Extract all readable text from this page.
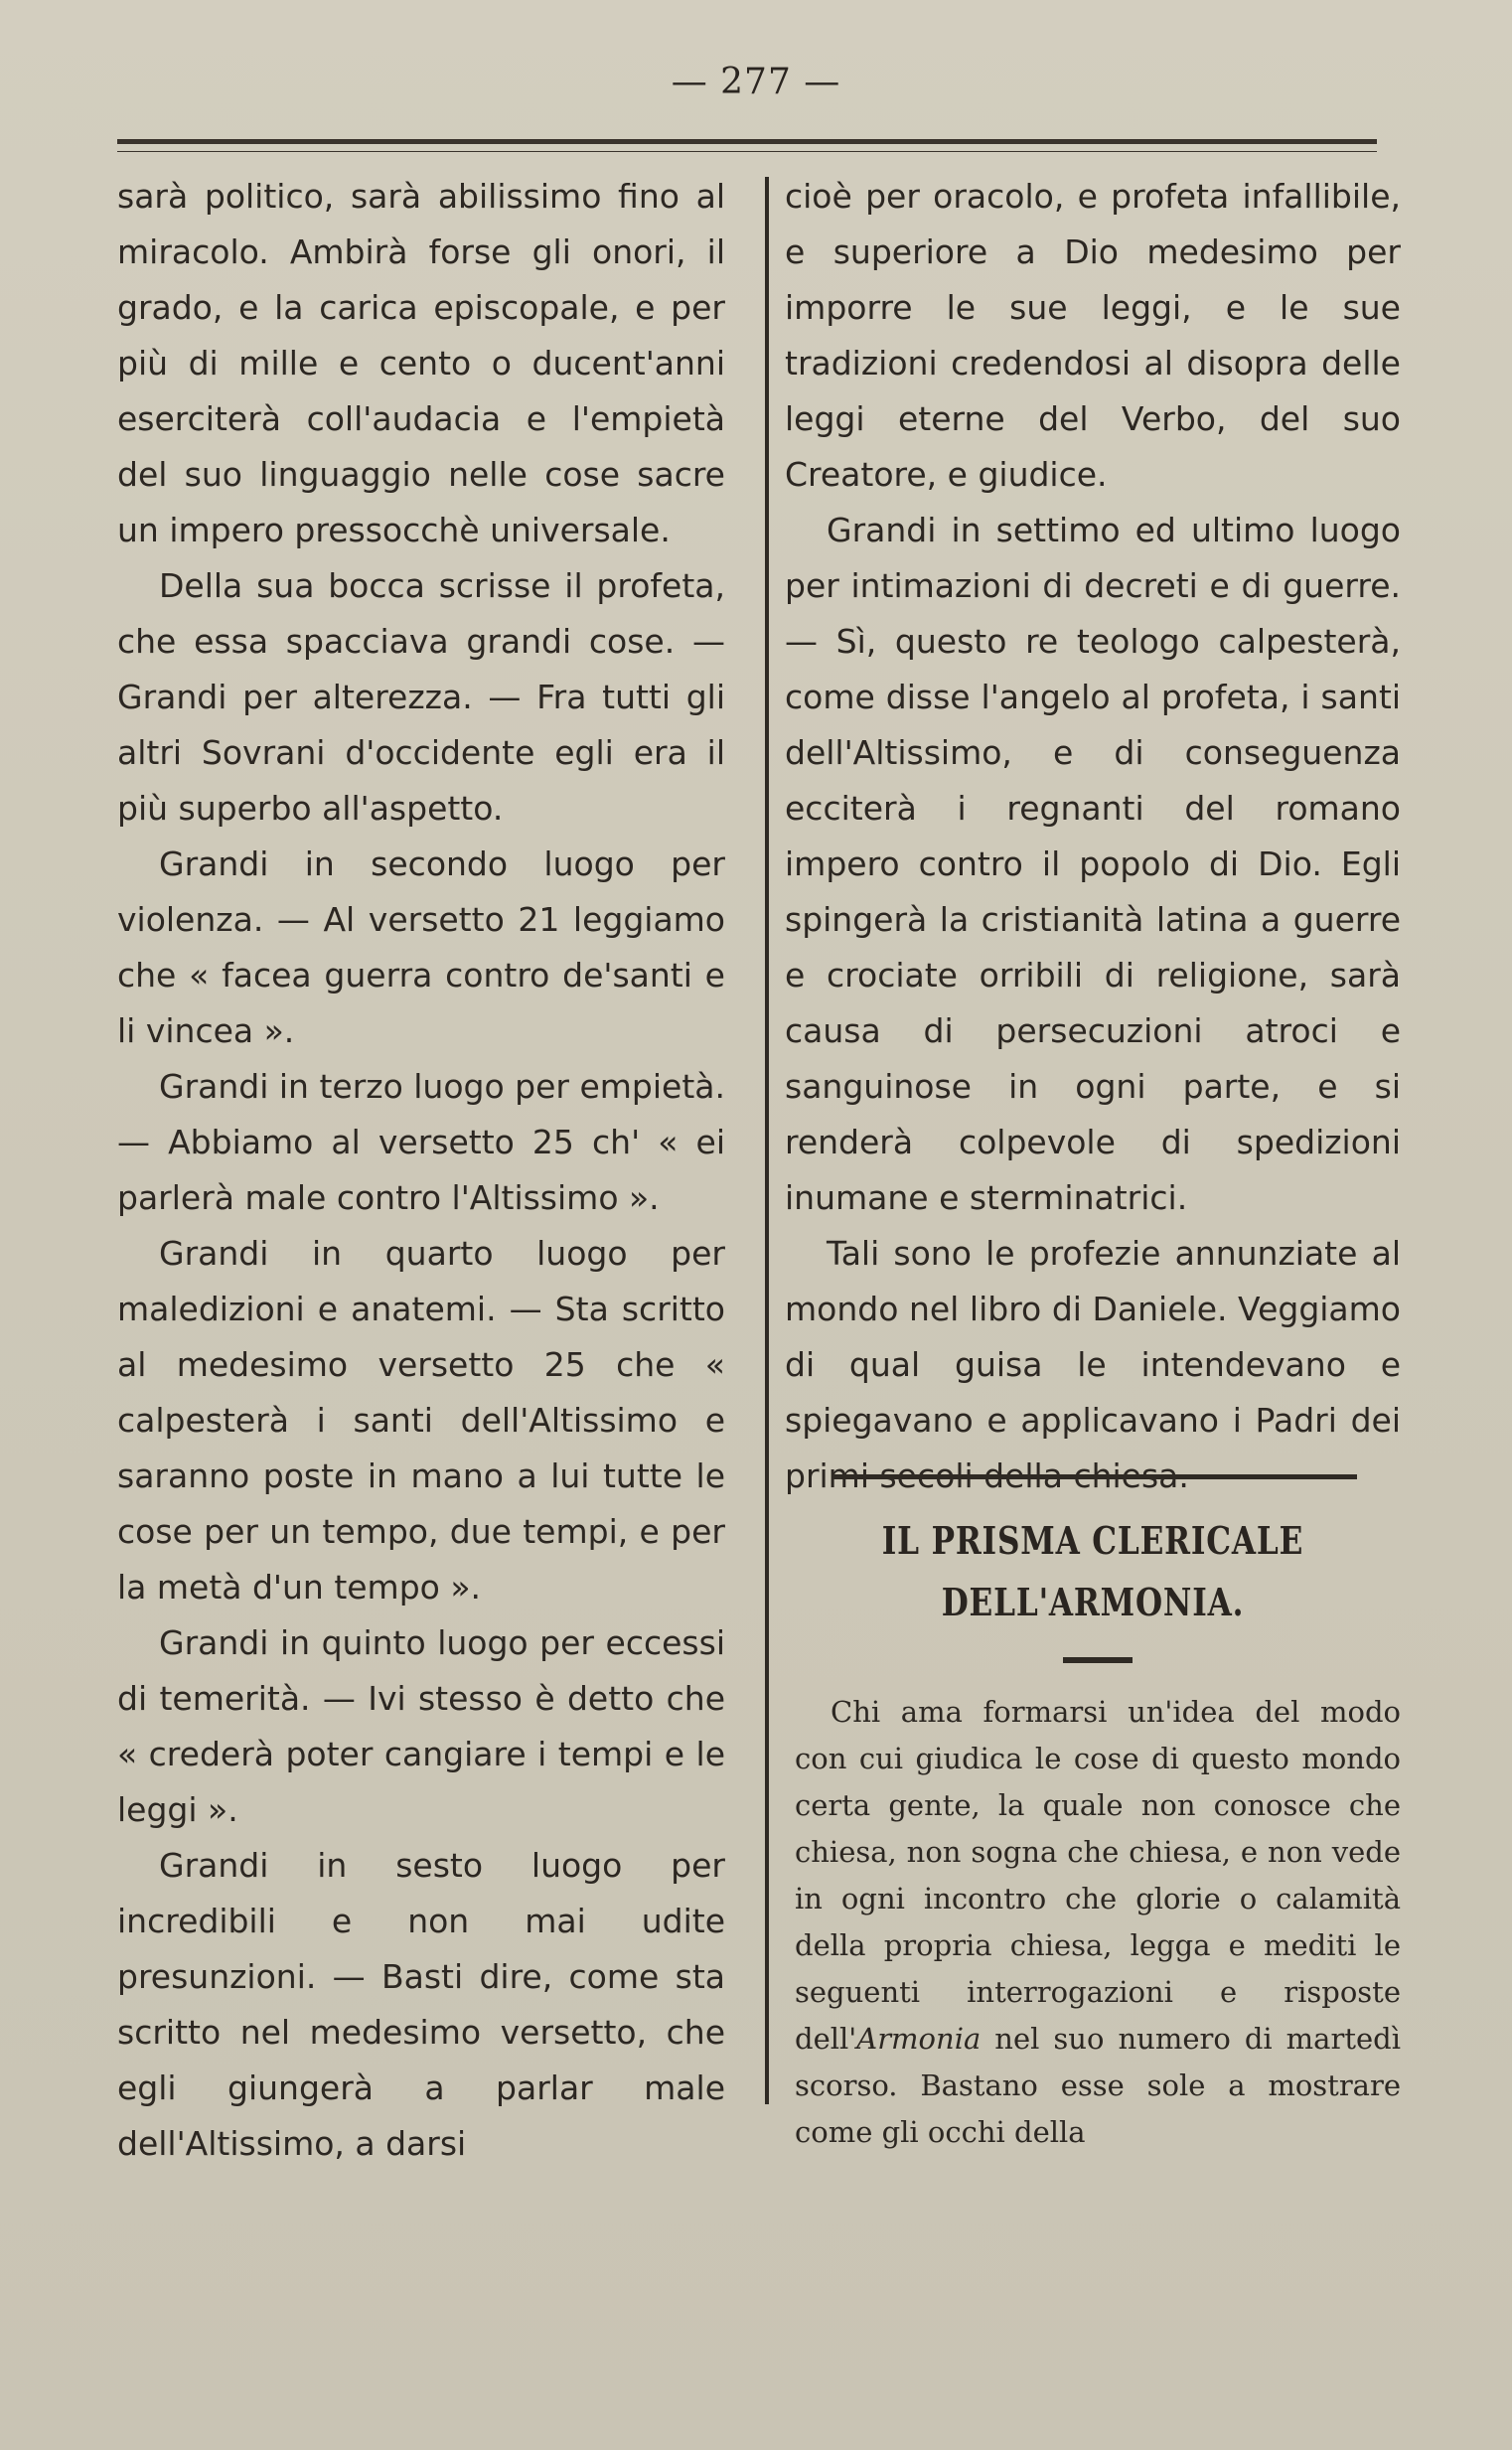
— 277 —

sarà politico, sarà abilissimo fino al miracolo. Ambirà forse gli onori, il grado, e la carica episcopale, e per più di mille e cento o ducent'anni eserciterà coll'audacia e l'empietà del suo linguaggio nelle cose sacre un impero pressocchè universale.

Della sua bocca scrisse il profeta, che essa spacciava grandi cose. — Grandi per alterezza. — Fra tutti gli altri Sovrani d'occidente egli era il più superbo all'aspetto.

Grandi in secondo luogo per violenza. — Al versetto 21 leggiamo che « facea guerra contro de'santi e li vincea ».

Grandi in terzo luogo per empietà. — Abbiamo al versetto 25 ch' « ei parlerà male contro l'Altissimo ».

Grandi in quarto luogo per maledizioni e anatemi. — Sta scritto al medesimo versetto 25 che « calpesterà i santi dell'Altissimo e saranno poste in mano a lui tutte le cose per un tempo, due tempi, e per la metà d'un tempo ».

Grandi in quinto luogo per eccessi di temerità. — Ivi stesso è detto che « crederà poter cangiare i tempi e le leggi ».

Grandi in sesto luogo per incredibili e non mai udite presunzioni. — Basti dire, come sta scritto nel medesimo versetto, che egli giungerà a parlar male dell'Altissimo, a darsi

cioè per oracolo, e profeta infallibile, e superiore a Dio medesimo per imporre le sue leggi, e le sue tradizioni credendosi al disopra delle leggi eterne del Verbo, del suo Creatore, e giudice.

Grandi in settimo ed ultimo luogo per intimazioni di decreti e di guerre. — Sì, questo re teologo calpesterà, come disse l'angelo al profeta, i santi dell'Altissimo, e di conseguenza ecciterà i regnanti del romano impero contro il popolo di Dio. Egli spingerà la cristianità latina a guerre e crociate orribili di religione, sarà causa di persecuzioni atroci e sanguinose in ogni parte, e si renderà colpevole di spedizioni inumane e sterminatrici.

Tali sono le profezie annunziate al mondo nel libro di Daniele. Veggiamo di qual guisa le intendevano e spiegavano e applicavano i Padri dei primi secoli della chiesa.

IL PRISMA CLERICALE
DELL'ARMONIA.

Chi ama formarsi un'idea del modo con cui giudica le cose di questo mondo certa gente, la quale non conosce che chiesa, non sogna che chiesa, e non vede in ogni incontro che glorie o calamità della propria chiesa, legga e mediti le seguenti interrogazioni e risposte dell'Armonia nel suo numero di martedì scorso. Bastano esse sole a mostrare come gli occhi della
